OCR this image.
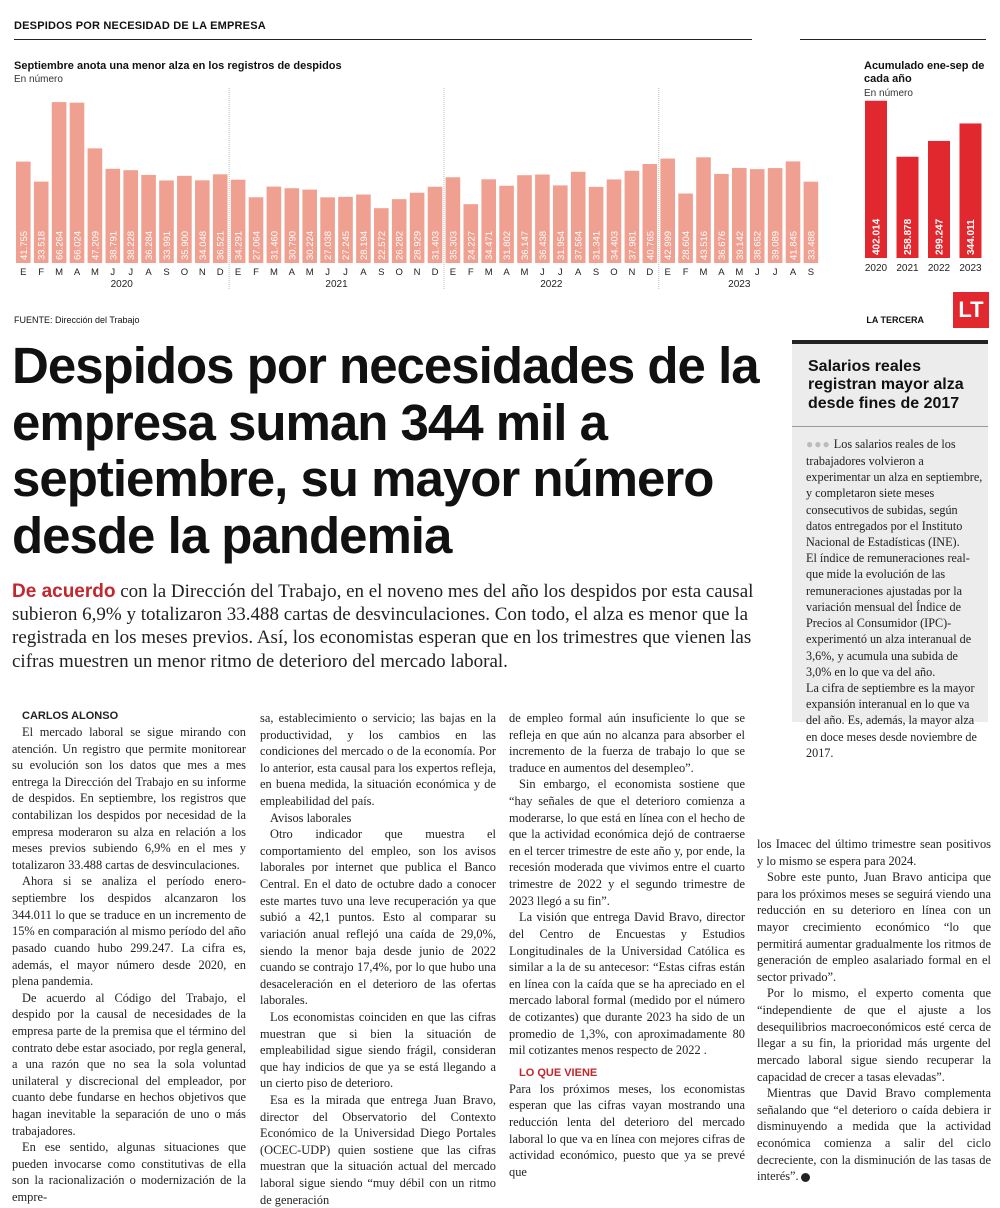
DESPIDOS POR NECESIDAD DE LA EMPRESA
Septiembre anota una menor alza en los registros de despidos
En número
41.755
E
33.518
F
66.264
M
66.024
A
47.209
M
38.791
J
38.228
J
36.284
A
33.991
S
35.900
O
34.048
N
36.521
D
34.291
E
27.064
F
31.460
M
30.790
A
30.224
M
27.038
J
27.245
J
28.194
A
22.572
S
26.282
O
28.929
N
31.403
D
35.303
E
24.227
F
34.471
M
31.802
A
36.147
M
36.438
J
31.954
J
37.564
A
31.341
S
34.403
O
37.981
N
40.765
D
42.999
E
28.604
F
43.516
M
36.676
A
39.142
M
38.652
J
39.089
J
41.845
A
33.488
S
2020	2021	2022	2023
Acumulado ene-sep de cada año
En número
402.014
2020
258.878
2021
299.247
2022
344.011
2023
FUENTE: Dirección del Trabajo	LA TERCERA LT
Despidos por necesidades de la empresa suman 344 mil a septiembre, su mayor número desde la pandemia
De acuerdo con la Dirección del Trabajo, en el noveno mes del año los despidos por esta causal subieron 6,9% y totalizaron 33.488 cartas de desvinculaciones. Con todo, el alza es menor que la registrada en los meses previos. Así, los economistas esperan que en los trimestres que vienen las cifras muestren un menor ritmo de deterioro del mercado laboral.
Salarios reales registran mayor alza desde fines de 2017

●●● Los salarios reales de los trabajadores volvieron a experimentar un alza en septiembre, y completaron siete meses consecutivos de subidas, según datos entregados por el Instituto Nacional de Estadísticas (INE).

El índice de remuneraciones real- que mide la evolución de las remuneraciones ajustadas por la variación mensual del Índice de Precios al Consumidor (IPC)- experimentó un alza interanual de 3,6%, y acumula una subida de 3,0% en lo que va del año.

La cifra de septiembre es la mayor expansión interanual en lo que va del año. Es, además, la mayor alza en doce meses desde noviembre de 2017.

CARLOS ALONSO

El mercado laboral se sigue mirando con atención. Un registro que permite monitorear su evolución son los datos que mes a mes entrega la Dirección del Trabajo en su informe de despidos. En septiembre, los registros que contabilizan los despidos por necesidad de la empresa moderaron su alza en relación a los meses previos subiendo 6,9% en el mes y totalizaron 33.488 cartas de desvinculaciones.

Ahora si se analiza el período enero-septiembre los despidos alcanzaron los 344.011 lo que se traduce en un incremento de 15% en comparación al mismo período del año pasado cuando hubo 299.247. La cifra es, además, el mayor número desde 2020, en plena pandemia.

De acuerdo al Código del Trabajo, el despido por la causal de necesidades de la empresa parte de la premisa que el término del contrato debe estar asociado, por regla general, a una razón que no sea la sola voluntad unilateral y discrecional del empleador, por cuanto debe fundarse en hechos objetivos que hagan inevitable la separación de uno o más trabajadores.

En ese sentido, algunas situaciones que pueden invocarse como constitutivas de ella son la racionalización o modernización de la empre-

sa, establecimiento o servicio; las bajas en la productividad, y los cambios en las condiciones del mercado o de la economía. Por lo anterior, esta causal para los expertos refleja, en buena medida, la situación económica y de empleabilidad del país.

Avisos laborales

Otro indicador que muestra el comportamiento del empleo, son los avisos laborales por internet que publica el Banco Central. En el dato de octubre dado a conocer este martes tuvo una leve recuperación ya que subió a 42,1 puntos. Esto al comparar su variación anual reflejó una caída de 29,0%, siendo la menor baja desde junio de 2022 cuando se contrajo 17,4%, por lo que hubo una desaceleración en el deterioro de las ofertas laborales.

Los economistas coinciden en que las cifras muestran que si bien la situación de empleabilidad sigue siendo frágil, consideran que hay indicios de que ya se está llegando a un cierto piso de deterioro.

Esa es la mirada que entrega Juan Bravo, director del Observatorio del Contexto Económico de la Universidad Diego Portales (OCEC-UDP) quien sostiene que las cifras muestran que la situación actual del mercado laboral sigue siendo “muy débil con un ritmo de generación

de empleo formal aún insuficiente lo que se refleja en que aún no alcanza para absorber el incremento de la fuerza de trabajo lo que se traduce en aumentos del desempleo”.

Sin embargo, el economista sostiene que “hay señales de que el deterioro comienza a moderarse, lo que está en línea con el hecho de que la actividad económica dejó de contraerse en el tercer trimestre de este año y, por ende, la recesión moderada que vivimos entre el cuarto trimestre de 2022 y el segundo trimestre de 2023 llegó a su fin”.

La visión que entrega David Bravo, director del Centro de Encuestas y Estudios Longitudinales de la Universidad Católica es similar a la de su antecesor: “Estas cifras están en línea con la caída que se ha apreciado en el mercado laboral formal (medido por el número de cotizantes) que durante 2023 ha sido de un promedio de 1,3%, con aproximadamente 80 mil cotizantes menos respecto de 2022 .

LO QUE VIENE

Para los próximos meses, los economistas esperan que las cifras vayan mostrando una reducción lenta del deterioro del mercado laboral lo que va en línea con mejores cifras de actividad económico, puesto que ya se prevé que

los Imacec del último trimestre sean positivos y lo mismo se espera para 2024.

Sobre este punto, Juan Bravo anticipa que para los próximos meses se seguirá viendo una reducción en su deterioro en línea con un mayor crecimiento económico “lo que permitirá aumentar gradualmente los ritmos de generación de empleo asalariado formal en el sector privado”.

Por lo mismo, el experto comenta que “independiente de que el ajuste a los desequilibrios macroeconómicos esté cerca de llegar a su fin, la prioridad más urgente del mercado laboral sigue siendo recuperar la capacidad de crecer a tasas elevadas”.

Mientras que David Bravo complementa señalando que “el deterioro o caída debiera ir disminuyendo a medida que la actividad económica comienza a salir del ciclo decreciente, con la disminución de las tasas de interés”.
